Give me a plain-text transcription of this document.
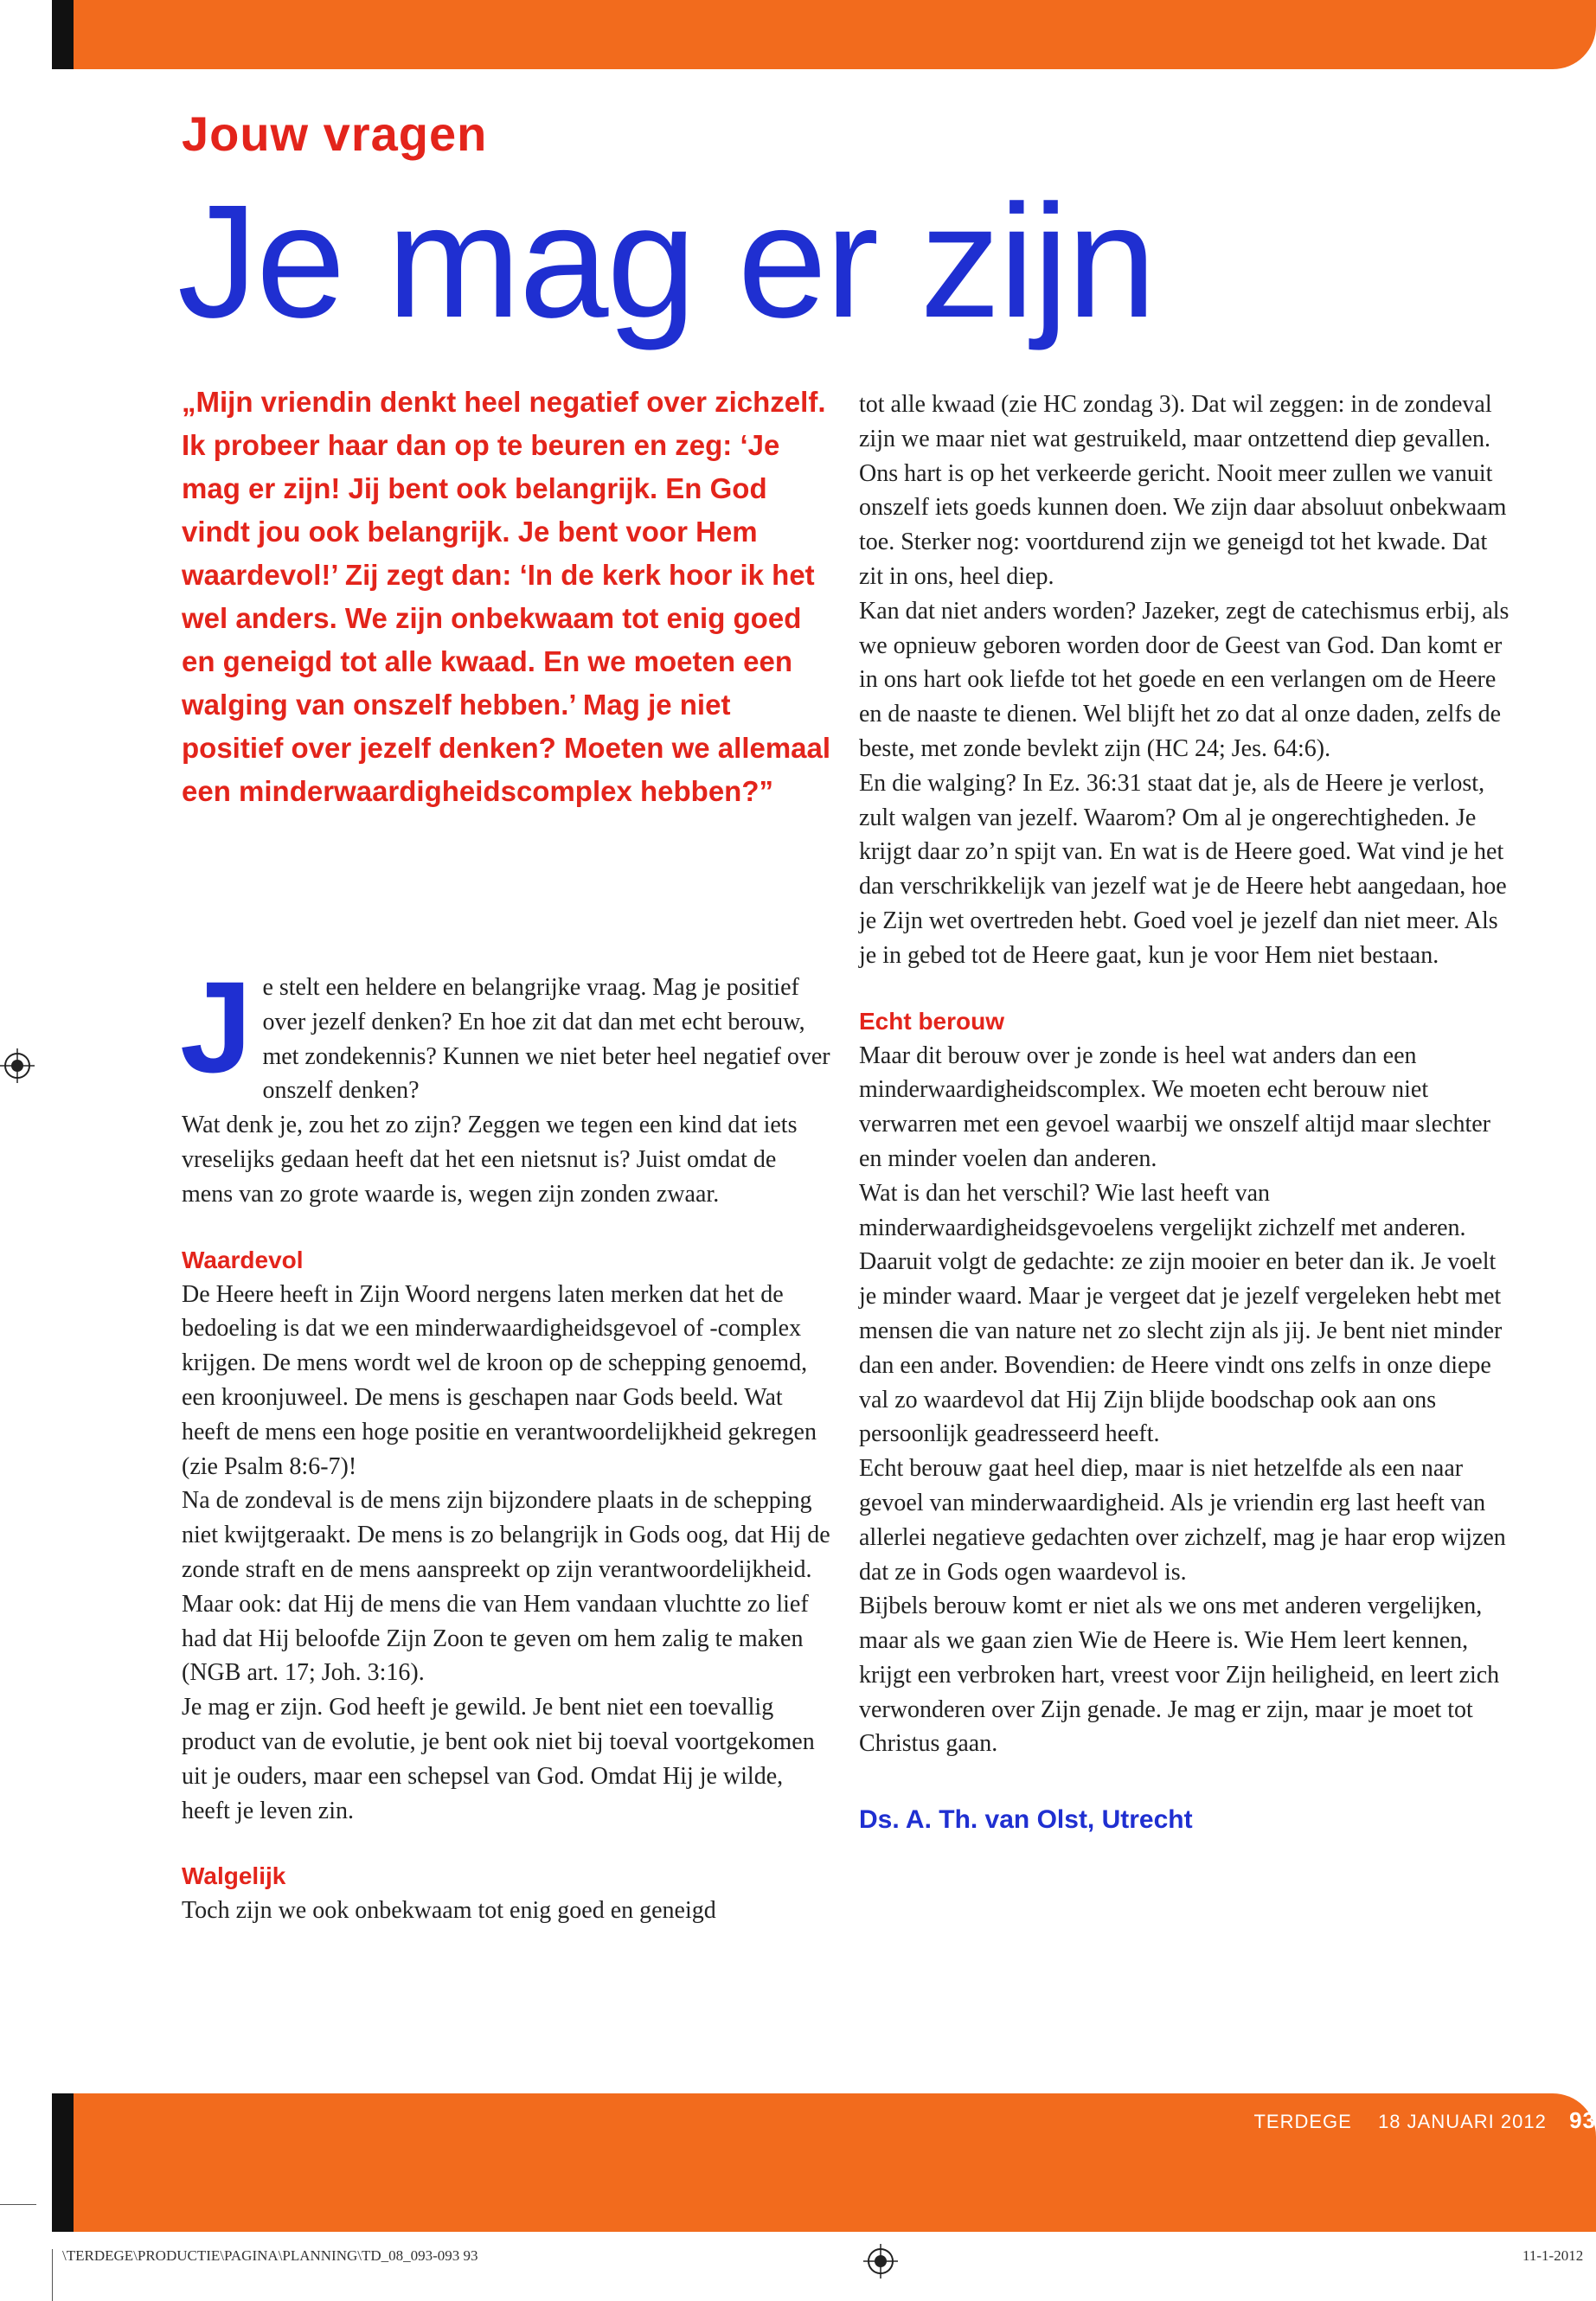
Jouw vragen
Je mag er zijn
„Mijn vriendin denkt heel negatief over zichzelf. Ik probeer haar dan op te beuren en zeg: ‘Je mag er zijn! Jij bent ook belangrijk. En God vindt jou ook belangrijk. Je bent voor Hem waardevol!’ Zij zegt dan: ‘In de kerk hoor ik het wel anders. We zijn onbekwaam tot enig goed en geneigd tot alle kwaad. En we moeten een walging van onszelf hebben.’ Mag je niet positief over jezelf denken? Moeten we allemaal een minderwaardigheidscomplex hebben?”

Je stelt een heldere en belangrijke vraag. Mag je positief over jezelf denken? En hoe zit dat dan met echt berouw, met zondekennis? Kunnen we niet beter heel negatief over onszelf denken?

Wat denk je, zou het zo zijn? Zeggen we tegen een kind dat iets vreselijks gedaan heeft dat het een nietsnut is? Juist omdat de mens van zo grote waarde is, wegen zijn zonden zwaar.

Waardevol

De Heere heeft in Zijn Woord nergens laten merken dat het de bedoeling is dat we een minderwaardigheidsgevoel of -complex krijgen. De mens wordt wel de kroon op de schepping genoemd, een kroonjuweel. De mens is geschapen naar Gods beeld. Wat heeft de mens een hoge positie en verantwoordelijkheid gekregen (zie Psalm 8:6-7)!

Na de zondeval is de mens zijn bijzondere plaats in de schepping niet kwijtgeraakt. De mens is zo belangrijk in Gods oog, dat Hij de zonde straft en de mens aanspreekt op zijn verantwoordelijkheid. Maar ook: dat Hij de mens die van Hem vandaan vluchtte zo lief had dat Hij beloofde Zijn Zoon te geven om hem zalig te maken (NGB art. 17; Joh. 3:16).

Je mag er zijn. God heeft je gewild. Je bent niet een toevallig product van de evolutie, je bent ook niet bij toeval voortgekomen uit je ouders, maar een schepsel van God. Omdat Hij je wilde, heeft je leven zin.

Walgelijk

Toch zijn we ook onbekwaam tot enig goed en geneigd

tot alle kwaad (zie HC zondag 3). Dat wil zeggen: in de zondeval zijn we maar niet wat gestruikeld, maar ontzettend diep gevallen. Ons hart is op het verkeerde gericht. Nooit meer zullen we vanuit onszelf iets goeds kunnen doen. We zijn daar absoluut onbekwaam toe. Sterker nog: voortdurend zijn we geneigd tot het kwade. Dat zit in ons, heel diep.

Kan dat niet anders worden? Jazeker, zegt de catechismus erbij, als we opnieuw geboren worden door de Geest van God. Dan komt er in ons hart ook liefde tot het goede en een verlangen om de Heere en de naaste te dienen. Wel blijft het zo dat al onze daden, zelfs de beste, met zonde bevlekt zijn (HC 24; Jes. 64:6).

En die walging? In Ez. 36:31 staat dat je, als de Heere je verlost, zult walgen van jezelf. Waarom? Om al je ongerechtigheden. Je krijgt daar zo’n spijt van. En wat is de Heere goed. Wat vind je het dan verschrikkelijk van jezelf wat je de Heere hebt aangedaan, hoe je Zijn wet overtreden hebt. Goed voel je jezelf dan niet meer. Als je in gebed tot de Heere gaat, kun je voor Hem niet bestaan.

Echt berouw

Maar dit berouw over je zonde is heel wat anders dan een minderwaardigheidscomplex. We moeten echt berouw niet verwarren met een gevoel waarbij we onszelf altijd maar slechter en minder voelen dan anderen.

Wat is dan het verschil? Wie last heeft van minderwaardigheidsgevoelens vergelijkt zichzelf met anderen. Daaruit volgt de gedachte: ze zijn mooier en beter dan ik. Je voelt je minder waard. Maar je vergeet dat je jezelf vergeleken hebt met mensen die van nature net zo slecht zijn als jij. Je bent niet minder dan een ander. Bovendien: de Heere vindt ons zelfs in onze diepe val zo waardevol dat Hij Zijn blijde boodschap ook aan ons persoonlijk geadresseerd heeft.

Echt berouw gaat heel diep, maar is niet hetzelfde als een naar gevoel van minderwaardigheid. Als je vriendin erg last heeft van allerlei negatieve gedachten over zichzelf, mag je haar erop wijzen dat ze in Gods ogen waardevol is.

Bijbels berouw komt er niet als we ons met anderen vergelijken, maar als we gaan zien Wie de Heere is. Wie Hem leert kennen, krijgt een verbroken hart, vreest voor Zijn heiligheid, en leert zich verwonderen over Zijn genade. Je mag er zijn, maar je moet tot Christus gaan.

Ds. A. Th. van Olst, Utrecht

TERDEGE 18 JANUARI 2012 93
\TERDEGE\PRODUCTIE\PAGINA\PLANNING\TD_08_093-093 93	11-1-2012
